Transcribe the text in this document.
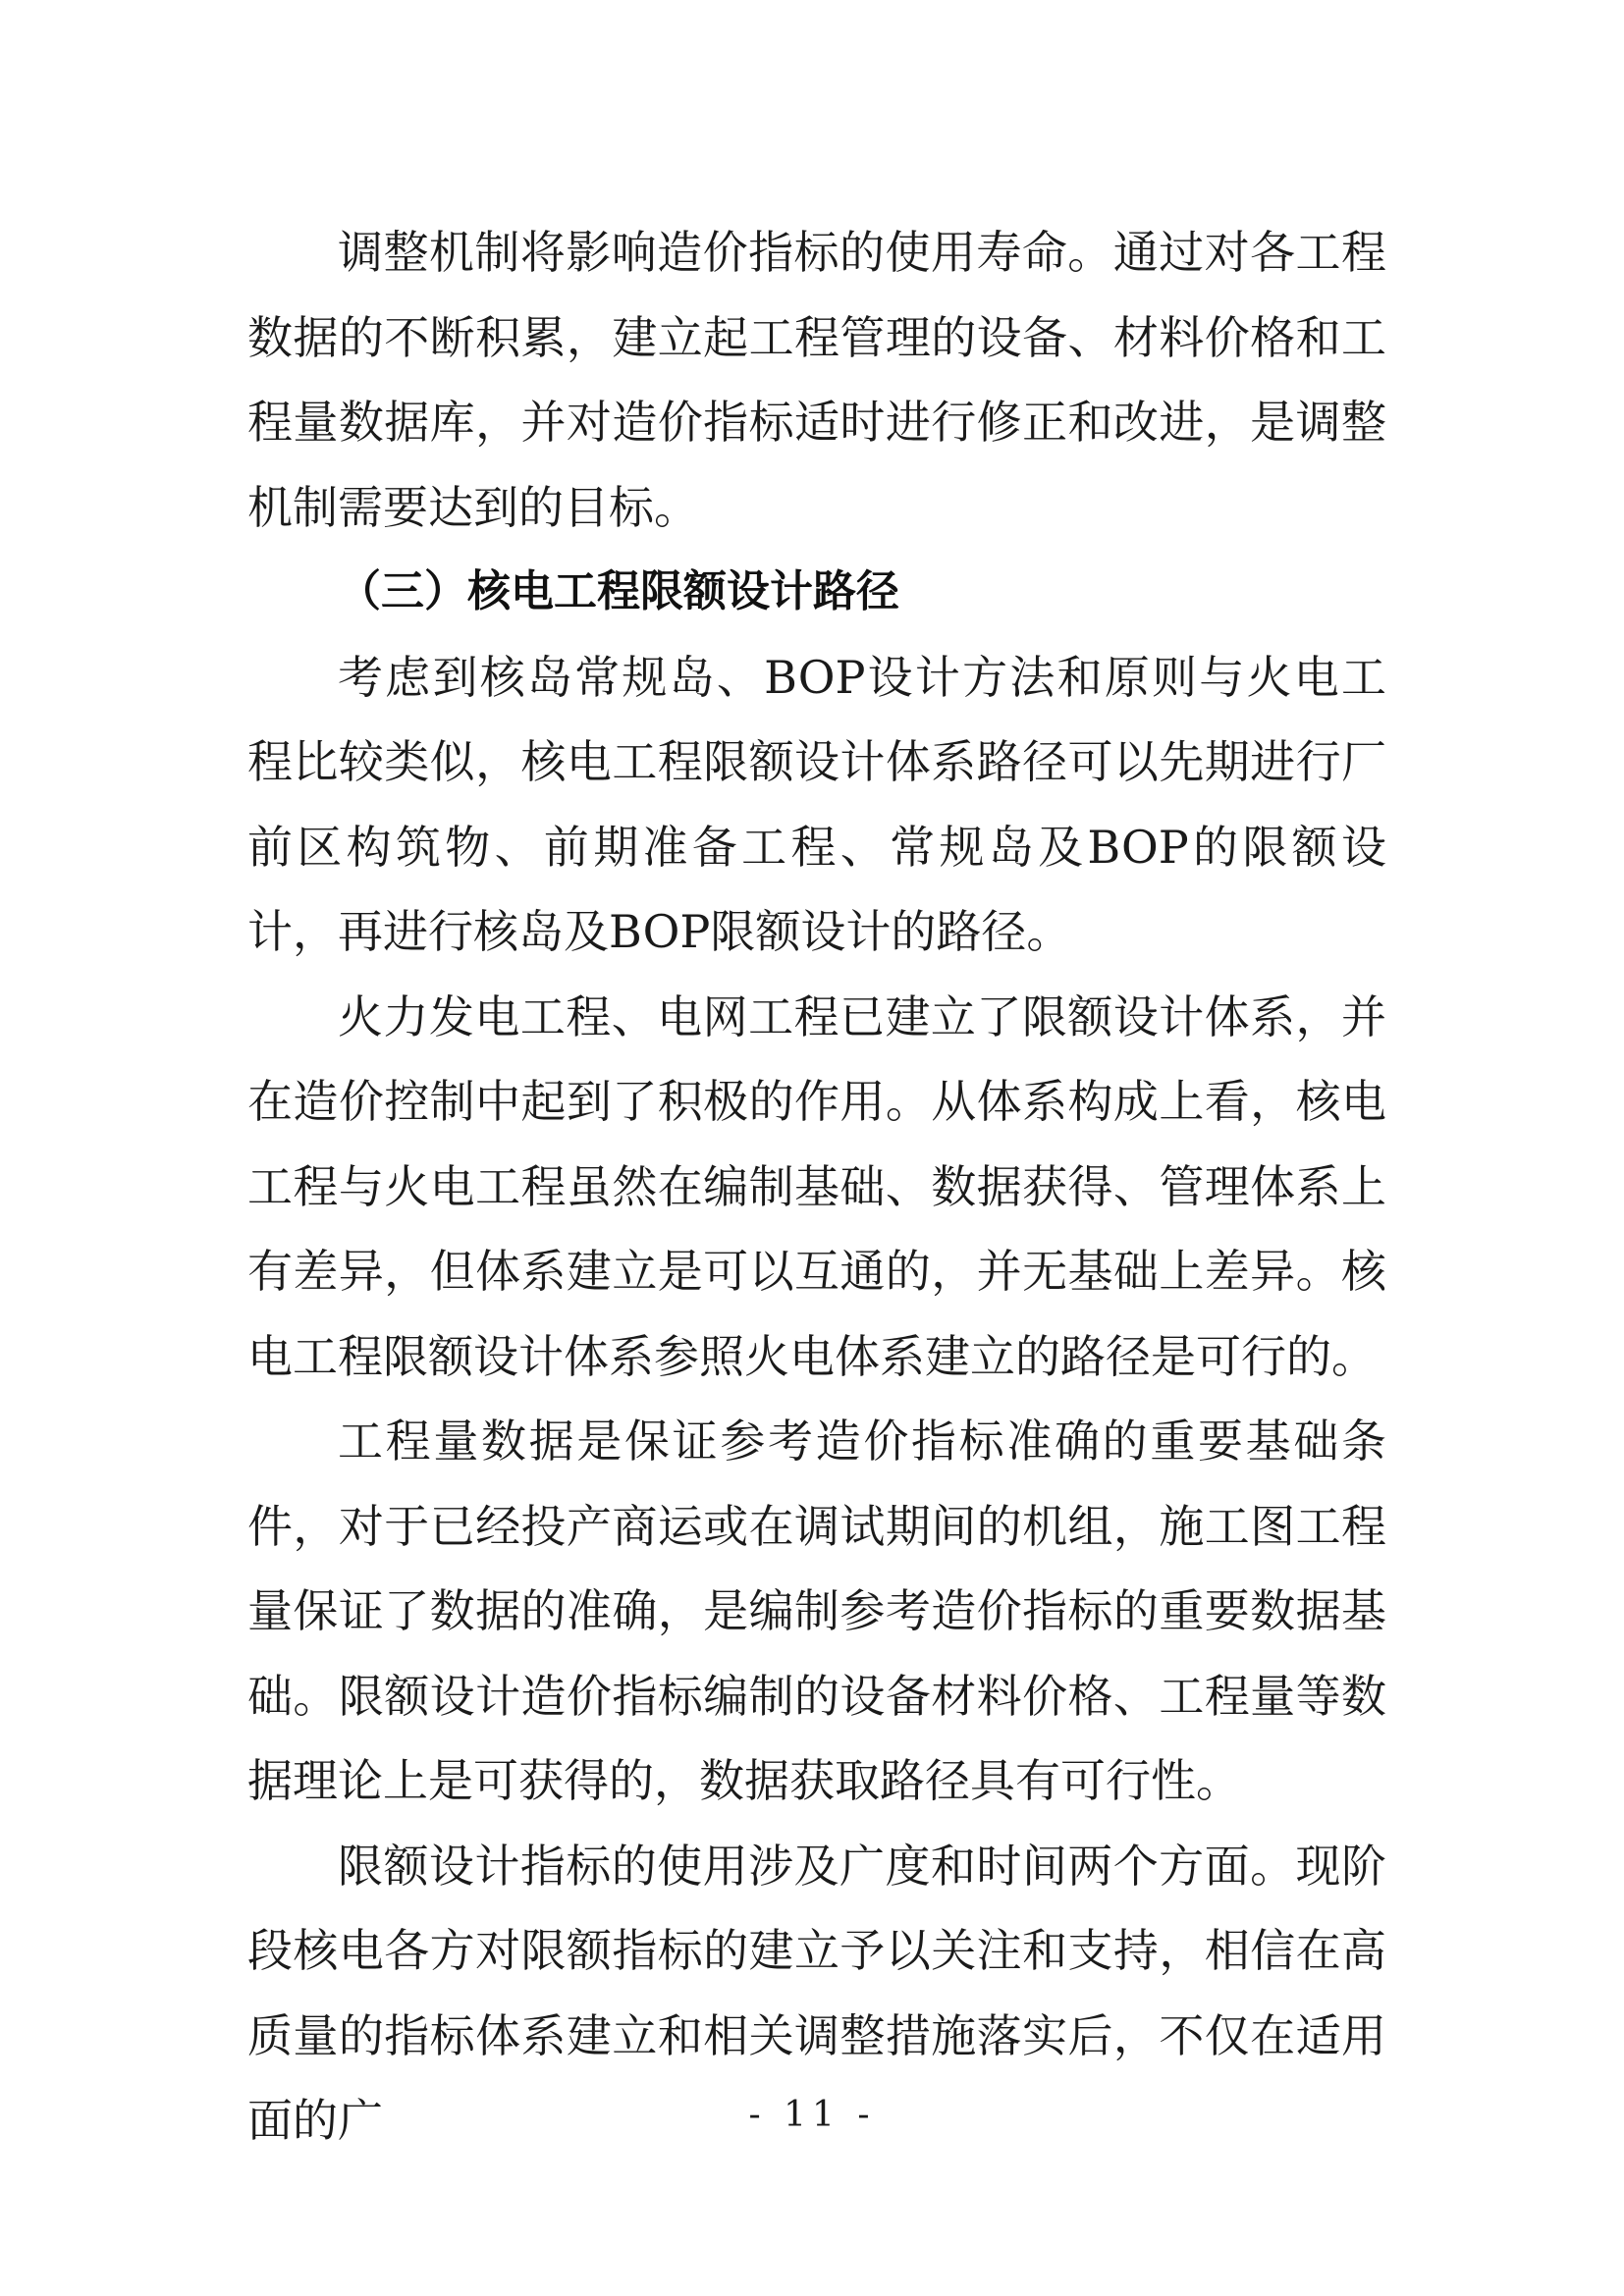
调整机制将影响造价指标的使用寿命。通过对各工程数据的不断积累，建立起工程管理的设备、材料价格和工程量数据库，并对造价指标适时进行修正和改进，是调整机制需要达到的目标。

（三）核电工程限额设计路径

考虑到核岛常规岛、BOP设计方法和原则与火电工程比较类似，核电工程限额设计体系路径可以先期进行厂前区构筑物、前期准备工程、常规岛及BOP的限额设计，再进行核岛及BOP限额设计的路径。

火力发电工程、电网工程已建立了限额设计体系，并在造价控制中起到了积极的作用。从体系构成上看，核电工程与火电工程虽然在编制基础、数据获得、管理体系上有差异，但体系建立是可以互通的，并无基础上差异。核电工程限额设计体系参照火电体系建立的路径是可行的。

工程量数据是保证参考造价指标准确的重要基础条件，对于已经投产商运或在调试期间的机组，施工图工程量保证了数据的准确，是编制参考造价指标的重要数据基础。限额设计造价指标编制的设备材料价格、工程量等数据理论上是可获得的，数据获取路径具有可行性。

限额设计指标的使用涉及广度和时间两个方面。现阶段核电各方对限额指标的建立予以关注和支持，相信在高质量的指标体系建立和相关调整措施落实后，不仅在适用面的广	- 11 -
